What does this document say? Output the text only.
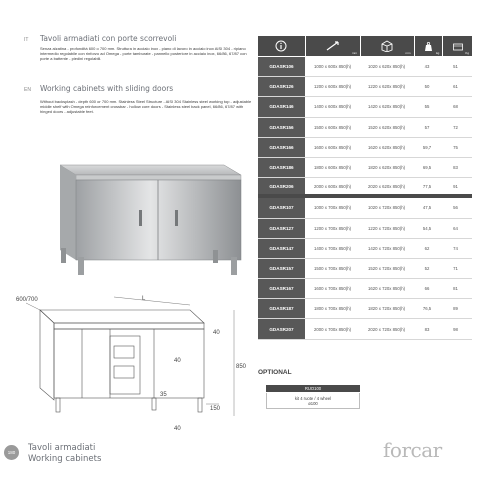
IT Tavoli armadiati con porte scorrevoli
Senza alzatina - profondità 600 o 700 mm. Struttura in acciaio inox - piano di lavoro in acciaio inox AISI 304 - ripiano intermedio regolabile con rinforzo ad Omega - porte tamburate - pannello posteriore in acciaio inox, 66/86, 67/87 con porte a battente - piedini regolabili.
EN Working cabinets with sliding doors
Without backsplash - depth 600 or 700 mm. Stainless Steel Structure - AISI 304 Stainless steel working top - adjustable middle shelf with Omega reinforcement crossbar - hollow core doors - Stainless steel back panel, 66/86, 67/87 with hinged doors - adjustable feet.
600/700	L
40
40
35
150
850
40
mm	mm	kg	Kg
GDASR106	1000 x 600 x 850(h)	1020 x 620 x 850(h)	43	51
GDASR126	1200 x 600 x 850(h)	1220 x 620 x 850(h)	50	61
GDASR146	1400 x 600 x 850(h)	1420 x 620 x 850(h)	55	68
GDASR156	1500 x 600 x 850(h)	1520 x 620 x 850(h)	57	72
GDASR166	1600 x 600 x 850(h)	1620 x 620 x 850(h)	59,7	75
GDASR186	1800 x 600 x 850(h)	1820 x 620 x 850(h)	69,5	83
GDASR206	2000 x 600 x 850(h)	2020 x 620 x 850(h)	77,5	91
GDASR107	1000 x 700 x 850(h)	1020 x 720 x 850(h)	47,5	56
GDASR127	1200 x 700 x 850(h)	1220 x 720 x 850(h)	54,5	64
GDASR147	1400 x 700 x 850(h)	1420 x 720 x 850(h)	62	74
GDASR157	1500 x 700 x 850(h)	1520 x 720 x 850(h)	52	71
GDASR167	1600 x 700 x 850(h)	1620 x 720 x 850(h)	66	81
GDASR187	1800 x 700 x 850(h)	1820 x 720 x 850(h)	76,5	89
GDASR207	2000 x 700 x 850(h)	2020 x 720 x 850(h)	83	98
OPTIONAL
RUO100
kit 4 ruote / 4 wheel
ø100
180	Tavoli armadiati
Working cabinets	forcar
